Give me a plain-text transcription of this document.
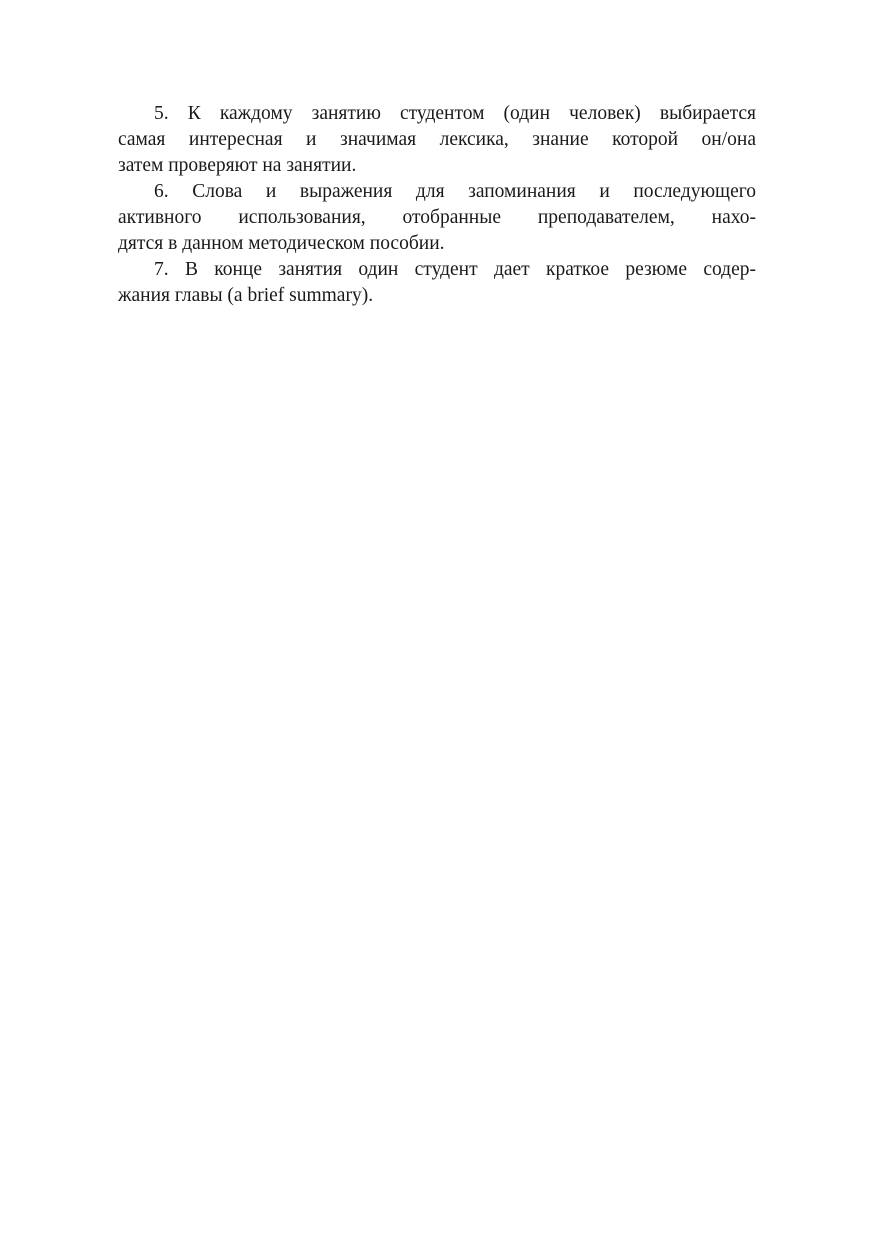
5. К каждому занятию студентом (один человек) выбирается
самая интересная и значимая лексика, знание которой он/она
затем проверяют на занятии.
6. Слова и выражения для запоминания и последующего
активного использования, отобранные преподавателем, нахо-
дятся в данном методическом пособии.
7. В конце занятия один студент дает краткое резюме содер-
жания главы (a brief summary).
